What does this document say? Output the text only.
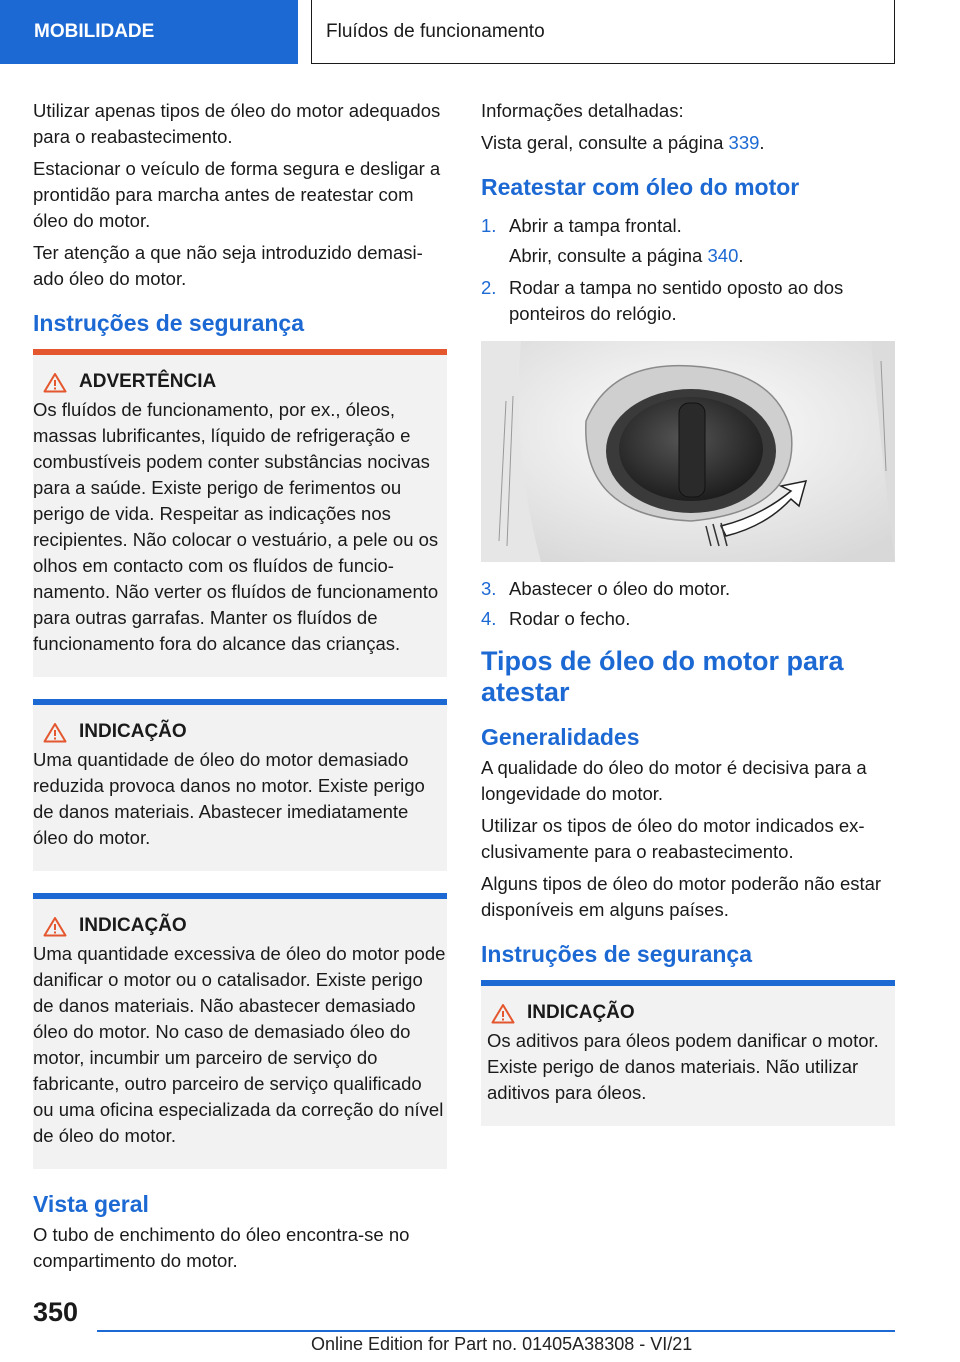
MOBILIDADE	Fluídos de funcionamento

Utilizar apenas tipos de óleo do motor adequados para o reabastecimento.

Estacionar o veículo de forma segura e desligar a prontidão para marcha antes de reatestar com óleo do motor.

Ter atenção a que não seja introduzido demasiado óleo do motor.

Instruções de segurança
ADVERTÊNCIA

Os fluídos de funcionamento, por ex., óleos, massas lubrificantes, líquido de refrigeração e combustíveis podem conter substâncias nocivas para a saúde. Existe perigo de ferimentos ou perigo de vida. Respeitar as indicações nos recipientes. Não colocar o vestuário, a pele ou os olhos em contacto com os fluídos de funcionamento. Não verter os fluídos de funcionamento para outras garrafas. Manter os fluídos de funcionamento fora do alcance das crianças.

INDICAÇÃO

Uma quantidade de óleo do motor demasiado reduzida provoca danos no motor. Existe perigo de danos materiais. Abastecer imediatamente óleo do motor.

INDICAÇÃO

Uma quantidade excessiva de óleo do motor pode danificar o motor ou o catalisador. Existe perigo de danos materiais. Não abastecer demasiado óleo do motor. No caso de demasiado óleo do motor, incumbir um parceiro de serviço do fabricante, outro parceiro de serviço qualificado ou uma oficina especializada da correção do nível de óleo do motor.

Vista geral

O tubo de enchimento do óleo encontra-se no compartimento do motor.

Informações detalhadas:

Vista geral, consulte a página 339.

Reatestar com óleo do motor
1. Abrir a tampa frontal.

Abrir, consulte a página 340.

2. Rodar a tampa no sentido oposto ao dos ponteiros do relógio.
3. Abastecer o óleo do motor.
4. Rodar o fecho.
Tipos de óleo do motor para atestar
Generalidades

A qualidade do óleo do motor é decisiva para a longevidade do motor.

Utilizar os tipos de óleo do motor indicados exclusivamente para o reabastecimento.

Alguns tipos de óleo do motor poderão não estar disponíveis em alguns países.

Instruções de segurança
INDICAÇÃO

Os aditivos para óleos podem danificar o motor. Existe perigo de danos materiais. Não utilizar aditivos para óleos.

350
Online Edition for Part no. 01405A38308 - VI/21
